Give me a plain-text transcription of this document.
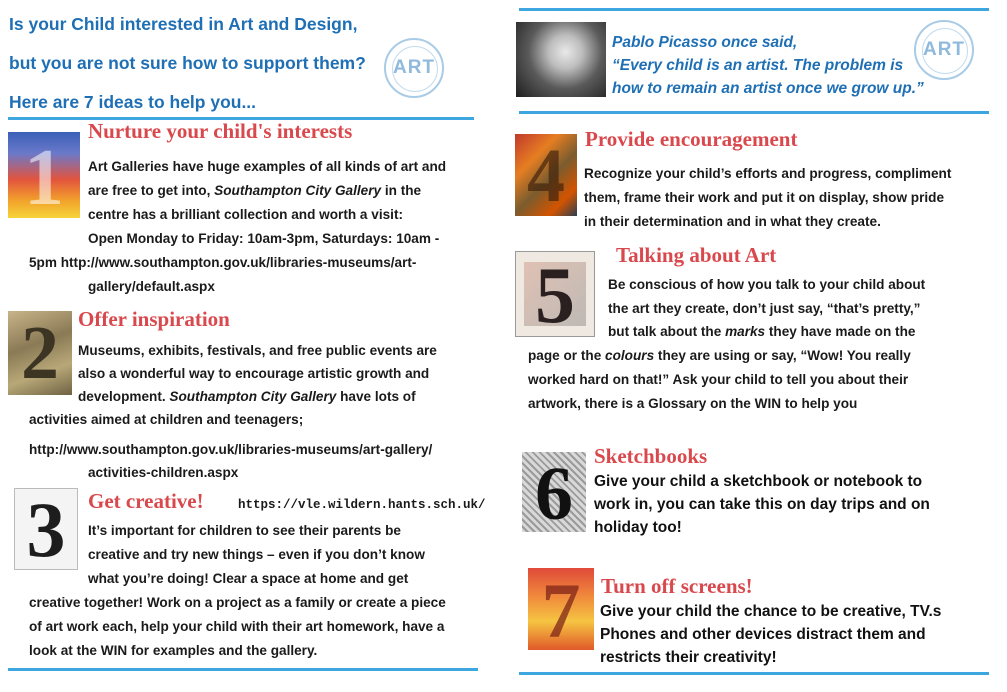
Is your Child interested in Art and Design,
but you are not sure how to support them?
Here are 7 ideas to help you...
ART
1
Nurture your child's interests
Art Galleries have huge examples of all kinds of art and
are free to get into, Southampton City Gallery in the
centre has a brilliant collection and worth a visit:
Open Monday to Friday: 10am-3pm, Saturdays: 10am -
5pm http://www.southampton.gov.uk/libraries-museums/art-
gallery/default.aspx
2 Offer inspiration
Museums, exhibits, festivals, and free public events are
also a wonderful way to encourage artistic growth and
development. Southampton City Gallery have lots of
activities aimed at children and teenagers;
http://www.southampton.gov.uk/libraries-museums/art-gallery/
activities-children.aspx
3	Get creative!	https://vle.wildern.hants.sch.uk/
It’s important for children to see their parents be
creative and try new things – even if you don’t know
what you’re doing! Clear a space at home and get
creative together! Work on a project as a family or create a piece
of art work each, help your child with their art homework, have a
look at the WIN for examples and the gallery.
Pablo Picasso once said,
“Every child is an artist. The problem is
how to remain an artist once we grow up.”
ART
4 Provide encouragement
Recognize your child’s efforts and progress, compliment
them, frame their work and put it on display, show pride
in their determination and in what they create.
5	Talking about Art
Be conscious of how you talk to your child about
the art they create, don’t just say, “that’s pretty,”
but talk about the marks they have made on the
page or the colours they are using or say, “Wow! You really
worked hard on that!” Ask your child to tell you about their
artwork, there is a Glossary on the WIN to help you
6	Sketchbooks
Give your child a sketchbook or notebook to
work in, you can take this on day trips and on
holiday too!
7 Turn off screens!
Give your child the chance to be creative, TV.s
Phones and other devices distract them and
restricts their creativity!
